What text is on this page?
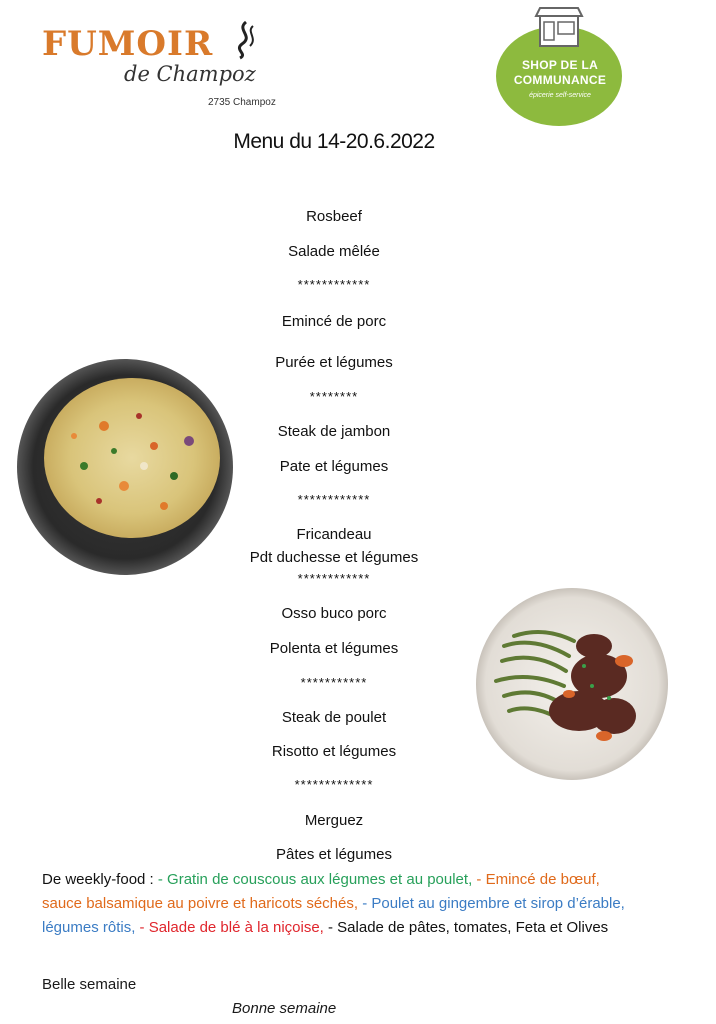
FUMOIR
de Champoz
2735 Champoz
SHOP DE LA
COMMUNANCE
épicerie self-service
Menu du 14-20.6.2022
Rosbeef
Salade mêlée
************
Emincé de porc
Purée et légumes
********
Steak de jambon
Pate et légumes
************
Fricandeau
Pdt duchesse et légumes
************
Osso buco porc
Polenta et légumes
***********
Steak de poulet
Risotto et légumes
*************
Merguez
Pâtes et légumes
De weekly-food : - Gratin de couscous aux légumes et au poulet, - Emincé de bœuf, sauce balsamique au poivre et haricots séchés, - Poulet au gingembre et sirop d’érable, légumes rôtis, - Salade de blé à la niçoise, - Salade de pâtes, tomates, Feta et Olives
Belle semaine
Bonne semaine
